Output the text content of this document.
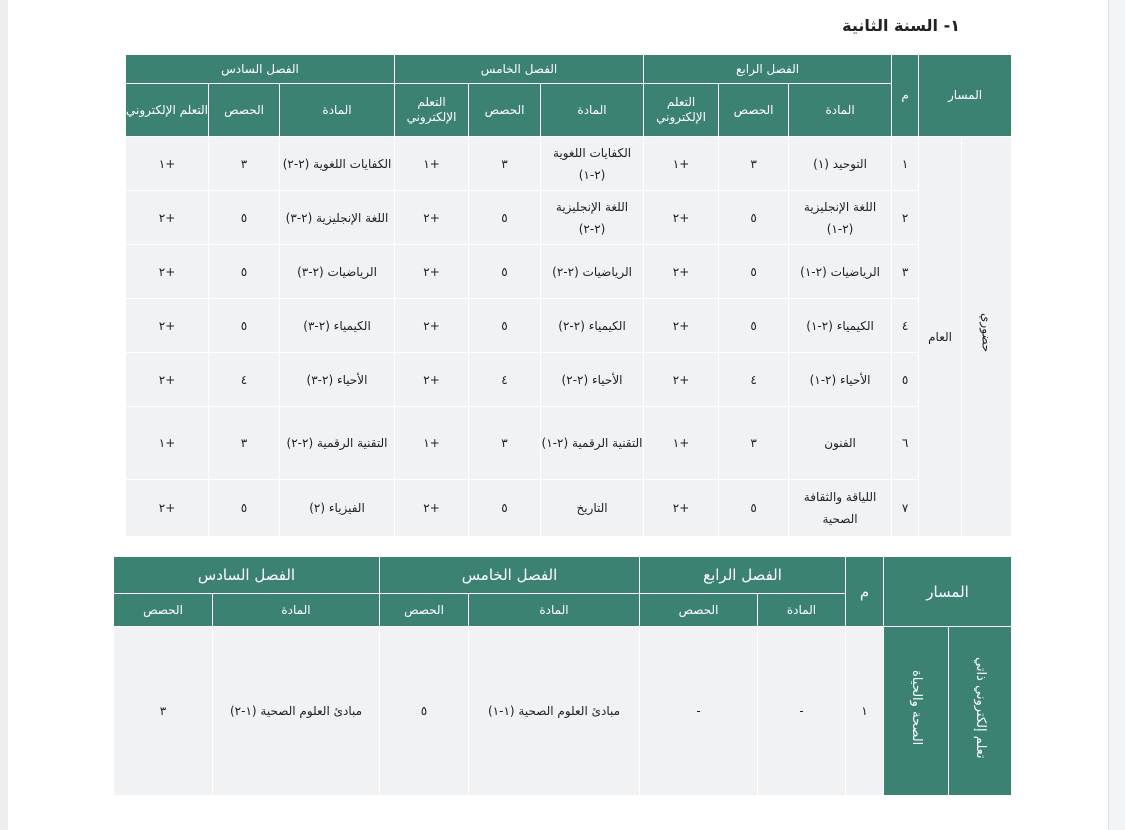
١- السنة الثانية
المسار		م	الفصل الرابع			الفصل الخامس			الفصل السادس		
			المادة	الحصص	التعلم الإلكتروني	المادة	الحصص	التعلم الإلكتروني	المادة	الحصص	التعلم الإلكتروني
حضوري	العام	١	التوحيد (١)	٣	+١	الكفايات اللغوية (٢-١)	٣	+١	الكفايات اللغوية (٢-٢)	٣	+١
		٢	اللغة الإنجليزية (٢-١)	٥	+٢	اللغة الإنجليزية (٢-٢)	٥	+٢	اللغة الإنجليزية (٢-٣)	٥	+٢
		٣	الرياضيات (٢-١)	٥	+٢	الرياضيات (٢-٢)	٥	+٢	الرياضيات (٢-٣)	٥	+٢
		٤	الكيمياء (٢-١)	٥	+٢	الكيمياء (٢-٢)	٥	+٢	الكيمياء (٢-٣)	٥	+٢
		٥	الأحياء (٢-١)	٤	+٢	الأحياء (٢-٢)	٤	+٢	الأحياء (٢-٣)	٤	+٢
		٦	الفنون	٣	+١	التقنية الرقمية (٢-١)	٣	+١	التقنية الرقمية (٢-٢)	٣	+١
		٧	اللياقة والثقافة الصحية	٥	+٢	التاريخ	٥	+٢	الفيزياء (٢)	٥	+٢
المسار		م	الفصل الرابع		الفصل الخامس		الفصل السادس	
			المادة	الحصص	المادة	الحصص	المادة	الحصص
تعلم إلكتروني ذاتي	الصحة والحياة	١	-	-	مبادئ العلوم الصحية (١-١)	٥	مبادئ العلوم الصحية (١-٢)	٣
